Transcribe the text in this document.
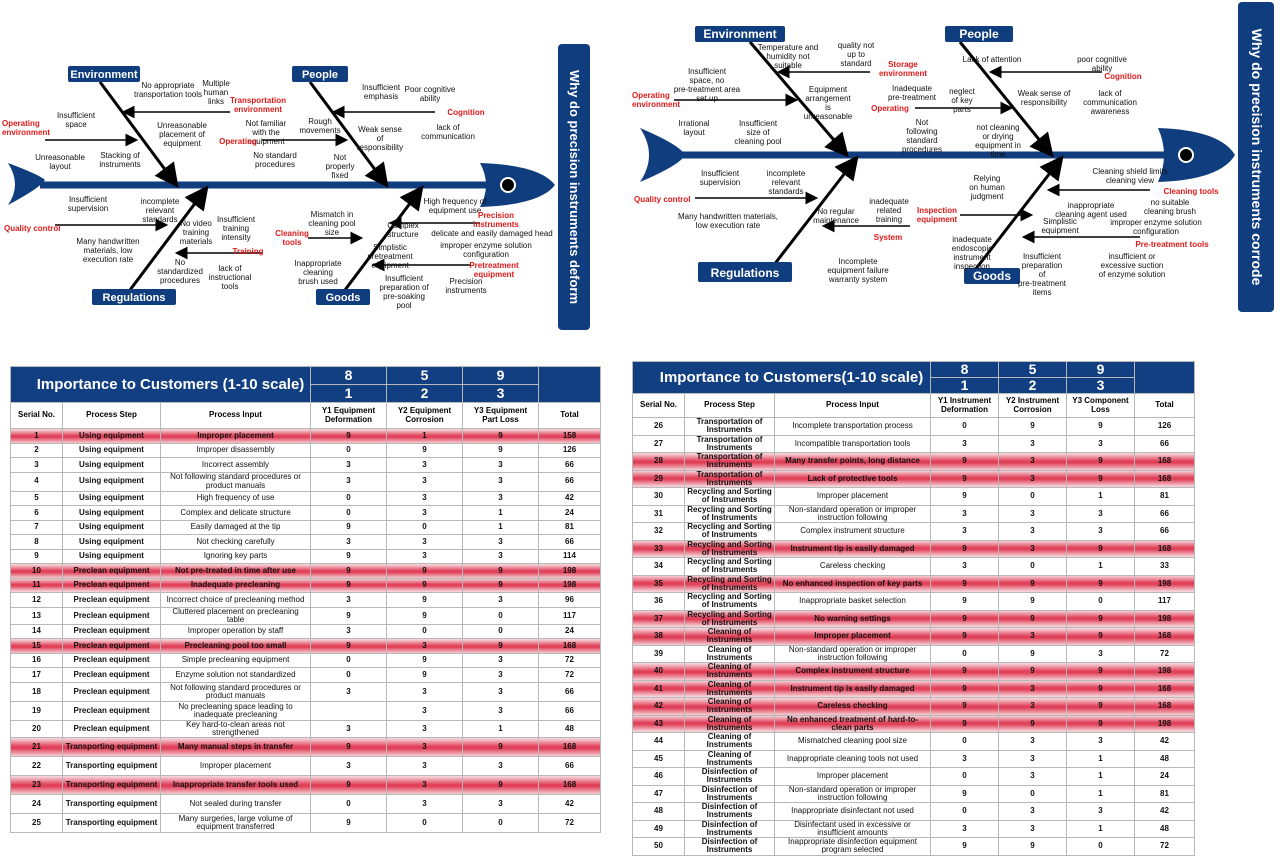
Environment	People
Regulations	Goods	Why do precision instruments deform
No appropriate transportation tools
Multiple human links Transportation environment
Insufficient space
Operating environment
Unreasonable layout
Unreasonable placement of equipment
Stacking of instruments
Insufficient emphasis
Poor cognitive ability
Cognition
Not familiar with the equipment
Rough movements
Operating
Weak sense of responsibility
lack of communication
No standard procedures
Not properly fixed
Insufficient supervision
incomplete relevant standards
Quality control
Many handwritten materials, low execution rate
No video training materials
Insufficient training intensity
Training
No standardized procedures
lack of instructional tools
High frequency of equipment use
Precision instruments
Mismatch in cleaning pool size
Complex structure delicate and easily damaged head
Cleaning tools
Simplistic pretreatment equipment
improper enzyme solution configuration
Inappropriate cleaning brush used
Pretreatment equipment
Insufficient preparation of pre-soaking pool
Precision instruments
Environment	People
Regulations	Goods	Why do precision instruments corrode
Temperature and humidity not suitable
quality not up to standard	Storage environment
Insufficient space, no pre-treatment area set up
Operating environment
Equipment arrangement is unreasonable
Irrational layout
Insufficient size of cleaning pool
Lack of attention	poor cognitive ability
Cognition
Inadequate pre-treatment
neglect of key parts
Operating
Weak sense of responsibility
lack of communication awareness
Not following standard procedures
not cleaning or drying equipment in time
Insufficient supervision
incomplete relevant standards
Quality control
Many handwritten materials, low execution rate
No regular maintenance
inadequate related training
System
Incomplete equipment failure warranty system
Relying on human judgment
Inspection equipment
inadequate endoscopic instrument inspection
Cleaning shield limits cleaning view
Cleaning tools
inappropriate cleaning agent used
no suitable cleaning brush
Simplistic equipment
improper enzyme solution configuration
Pre-treatment tools
Insufficient preparation of pre-treatment items
insufficient or excessive suction of enzyme solution
Importance to Customers (1-10 scale)			8	5	9	
			1	2	3	
Serial No.	Process Step	Process Input	Y1 Equipment Deformation	Y2 Equipment Corrosion	Y3 Equipment Part Loss	Total
1	Using equipment	Improper placement	9	1	9	158
2	Using equipment	Improper disassembly	0	9	9	126
3	Using equipment	Incorrect assembly	3	3	3	66
4	Using equipment	Not following standard procedures or product manuals	3	3	3	66
5	Using equipment	High frequency of use	0	3	3	42
6	Using equipment	Complex and delicate structure	0	3	1	24
7	Using equipment	Easily damaged at the tip	9	0	1	81
8	Using equipment	Not checking carefully	3	3	3	66
9	Using equipment	Ignoring key parts	9	3	3	114
10	Preclean equipment	Not pre-treated in time after use	9	9	9	198
11	Preclean equipment	Inadequate precleaning	9	9	9	198
12	Preclean equipment	Incorrect choice of precleaning method	3	9	3	96
13	Preclean equipment	Cluttered placement on precleaning table	9	9	0	117
14	Preclean equipment	Improper operation by staff	3	0	0	24
15	Preclean equipment	Precleaning pool too small	9	3	9	168
16	Preclean equipment	Simple precleaning equipment	0	9	3	72
17	Preclean equipment	Enzyme solution not standardized	0	9	3	72
18	Preclean equipment	Not following standard procedures or product manuals	3	3	3	66
19	Preclean equipment	No precleaning space leading to inadequate precleaning		3	3	66
20	Preclean equipment	Key hard-to-clean areas not strengthened	3	3	1	48
21	Transporting equipment	Many manual steps in transfer	9	3	9	168
22	Transporting equipment	Improper placement	3	3	3	66
23	Transporting equipment	Inappropriate transfer tools used	9	3	9	168
24	Transporting equipment	Not sealed during transfer	0	3	3	42
25	Transporting equipment	Many surgeries, large volume of equipment transferred	9	0	0	72
Importance to Customers(1-10 scale)			8	5	9	
			1	2	3	
Serial No.	Process Step	Process Input	Y1 Instrument Deformation	Y2 Instrument Corrosion	Y3 Component Loss	Total
26	Transportation of Instruments	Incomplete transportation process	0	9	9	126
27	Transportation of Instruments	Incompatible transportation tools	3	3	3	66
28	Transportation of Instruments	Many transfer points, long distance	9	3	9	168
29	Transportation of Instruments	Lack of protective tools	9	3	9	168
30	Recycling and Sorting of Instruments	Improper placement	9	0	1	81
31	Recycling and Sorting of Instruments	Non-standard operation or improper instruction following	3	3	3	66
32	Recycling and Sorting of Instruments	Complex instrument structure	3	3	3	66
33	Recycling and Sorting of Instruments	Instrument tip is easily damaged	9	3	9	168
34	Recycling and Sorting of Instruments	Careless checking	3	0	1	33
35	Recycling and Sorting of Instruments	No enhanced inspection of key parts	9	9	9	198
36	Recycling and Sorting of Instruments	Inappropriate basket selection	9	9	0	117
37	Recycling and Sorting of Instruments	No warning settings	9	9	9	198
38	Cleaning of Instruments	Improper placement	9	3	9	168
39	Cleaning of Instruments	Non-standard operation or improper instruction following	0	9	3	72
40	Cleaning of Instruments	Complex instrument structure	9	9	9	198
41	Cleaning of Instruments	Instrument tip is easily damaged	9	3	9	168
42	Cleaning of Instruments	Careless checking	9	3	9	168
43	Cleaning of Instruments	No enhanced treatment of hard-to-clean parts	9	9	9	198
44	Cleaning of Instruments	Mismatched cleaning pool size	0	3	3	42
45	Cleaning of Instruments	Inappropriate cleaning tools not used	3	3	1	48
46	Disinfection of Instruments	Improper placement	0	3	1	24
47	Disinfection of Instruments	Non-standard operation or improper instruction following	9	0	1	81
48	Disinfection of Instruments	Inappropriate disinfectant not used	0	3	3	42
49	Disinfection of Instruments	Disinfectant used in excessive or insufficient amounts	3	3	1	48
50	Disinfection of Instruments	Inappropriate disinfection equipment program selected	9	9	0	72
